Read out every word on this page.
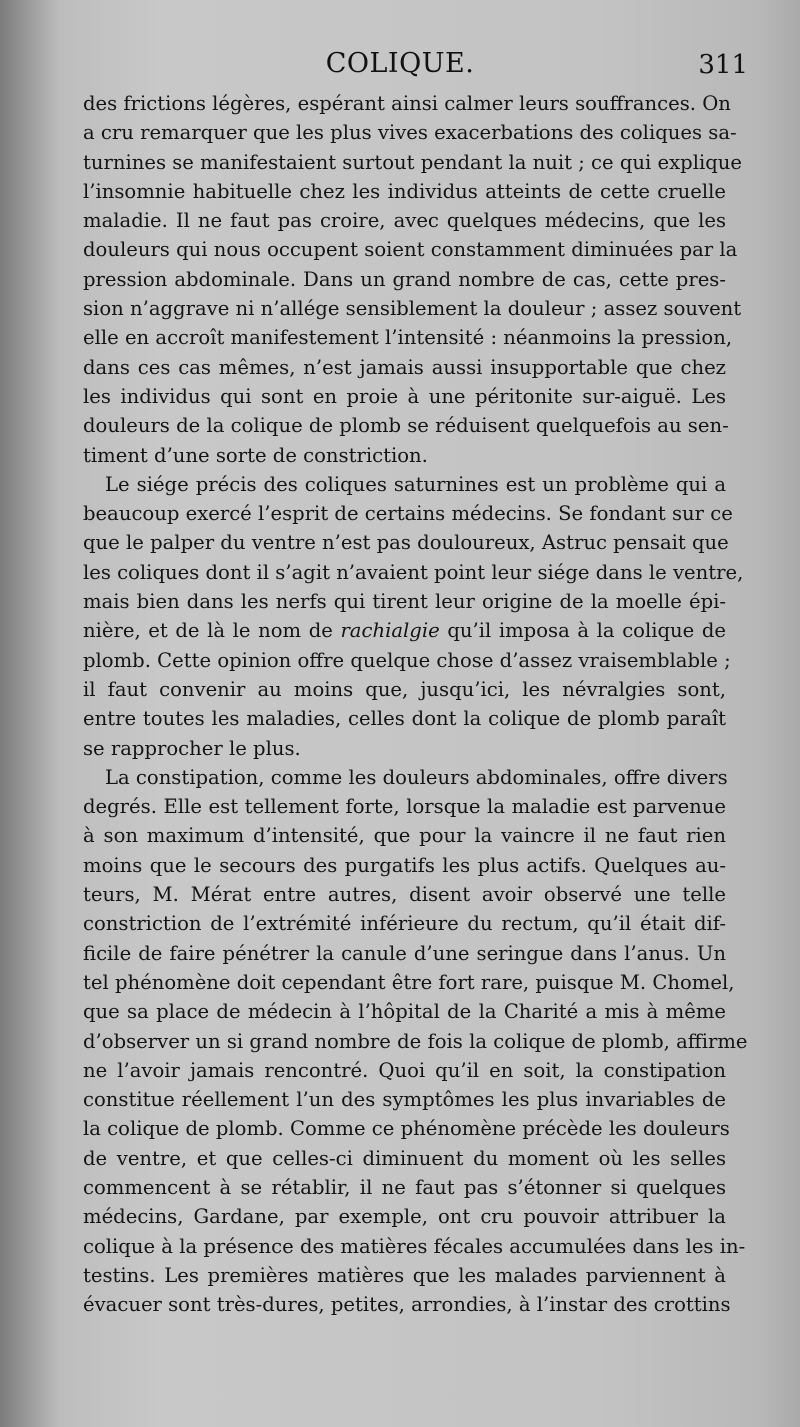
COLIQUE.	311
des frictions légères, espérant ainsi calmer leurs souffrances. On
a cru remarquer que les plus vives exacerbations des coliques sa-
turnines se manifestaient surtout pendant la nuit ; ce qui explique
l’insomnie habituelle chez les individus atteints de cette cruelle
maladie. Il ne faut pas croire, avec quelques médecins, que les
douleurs qui nous occupent soient constamment diminuées par la
pression abdominale. Dans un grand nombre de cas, cette pres-
sion n’aggrave ni n’allége sensiblement la douleur ; assez souvent
elle en accroît manifestement l’intensité : néanmoins la pression,
dans ces cas mêmes, n’est jamais aussi insupportable que chez
les individus qui sont en proie à une péritonite sur-aiguë. Les
douleurs de la colique de plomb se réduisent quelquefois au sen-
timent d’une sorte de constriction.
Le siége précis des coliques saturnines est un problème qui a
beaucoup exercé l’esprit de certains médecins. Se fondant sur ce
que le palper du ventre n’est pas douloureux, Astruc pensait que
les coliques dont il s’agit n’avaient point leur siége dans le ventre,
mais bien dans les nerfs qui tirent leur origine de la moelle épi-
nière, et de là le nom de rachialgie qu’il imposa à la colique de
plomb. Cette opinion offre quelque chose d’assez vraisemblable ;
il faut convenir au moins que, jusqu’ici, les névralgies sont,
entre toutes les maladies, celles dont la colique de plomb paraît
se rapprocher le plus.
La constipation, comme les douleurs abdominales, offre divers
degrés. Elle est tellement forte, lorsque la maladie est parvenue
à son maximum d’intensité, que pour la vaincre il ne faut rien
moins que le secours des purgatifs les plus actifs. Quelques au-
teurs, M. Mérat entre autres, disent avoir observé une telle
constriction de l’extrémité inférieure du rectum, qu’il était dif-
ficile de faire pénétrer la canule d’une seringue dans l’anus. Un
tel phénomène doit cependant être fort rare, puisque M. Chomel,
que sa place de médecin à l’hôpital de la Charité a mis à même
d’observer un si grand nombre de fois la colique de plomb, affirme
ne l’avoir jamais rencontré. Quoi qu’il en soit, la constipation
constitue réellement l’un des symptômes les plus invariables de
la colique de plomb. Comme ce phénomène précède les douleurs
de ventre, et que celles-ci diminuent du moment où les selles
commencent à se rétablir, il ne faut pas s’étonner si quelques
médecins, Gardane, par exemple, ont cru pouvoir attribuer la
colique à la présence des matières fécales accumulées dans les in-
testins. Les premières matières que les malades parviennent à
évacuer sont très-dures, petites, arrondies, à l’instar des crottins
